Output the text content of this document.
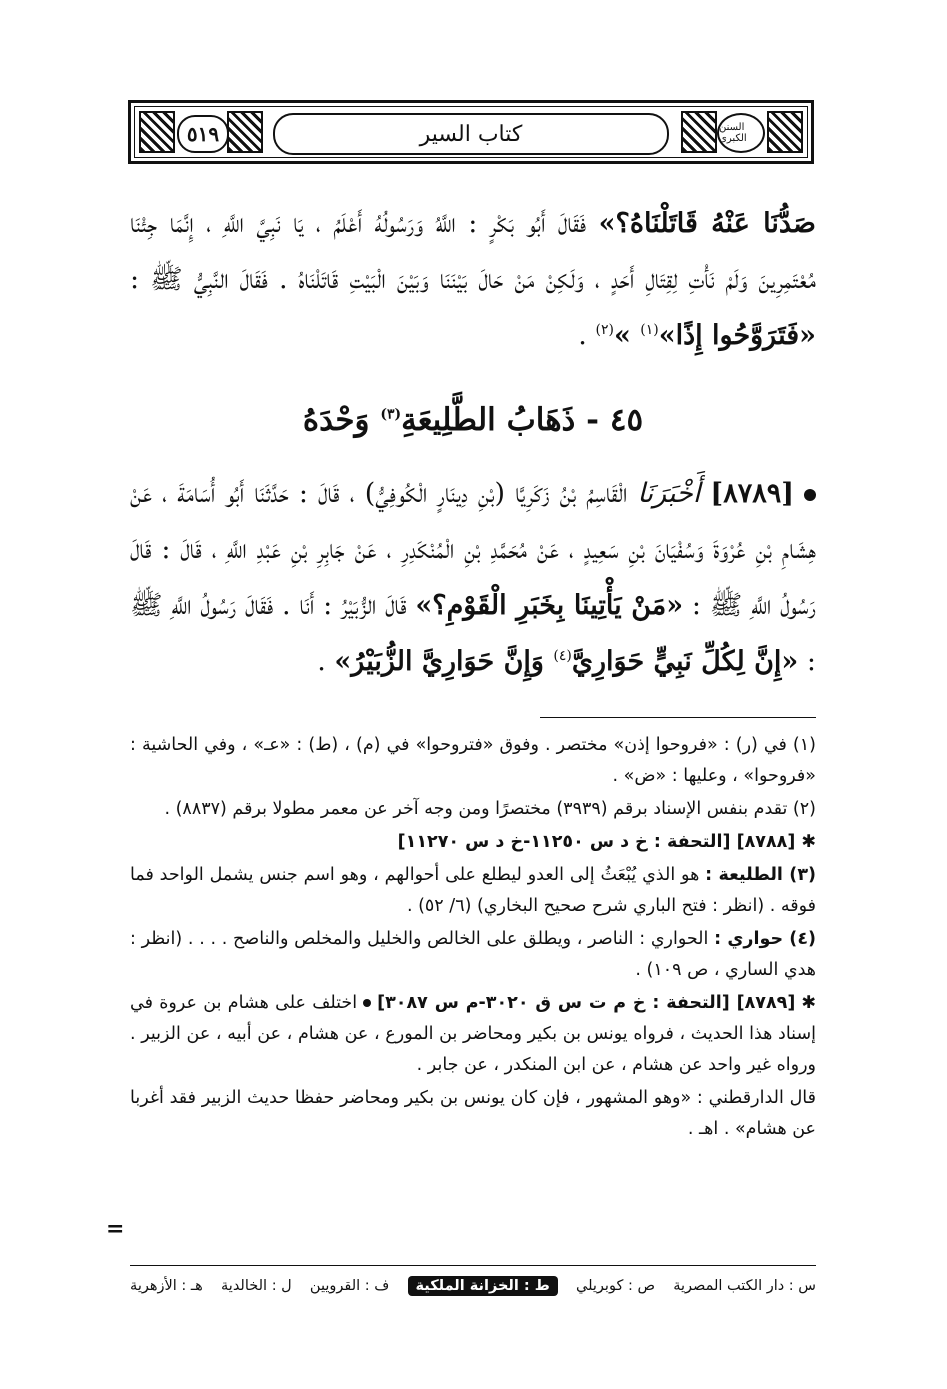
٥١٩	كتاب السير	السنن الكبرى

صَدُّنَا عَنْهُ قَاتَلْنَاهُ؟» فَقَالَ أَبُو بَكْرٍ : اللَّهُ وَرَسُولُهُ أَعْلَمُ ، يَا نَبِيَّ اللَّهِ ، إِنَّمَا جِئْنَا مُعْتَمِرِينَ وَلَمْ نَأْتِ لِقِتَالِ أَحَدٍ ، وَلَكِنْ مَنْ حَالَ بَيْنَنَا وَبَيْنَ الْبَيْتِ قَاتَلْنَاهُ . فَقَالَ النَّبِيُّ ﷺ : «فَتَرَوَّحُوا إِذًا»$^{(١)}$ »$^{(٢)}$ .

٤٥ - ذَهَابُ الطَّلِيعَةِ$^{(٣)}$ وَحْدَهُ

[٨٧٨٩] أَخْبَرَنَا الْقَاسِمُ بْنُ زَكَرِيَّا (بْنِ دِينَارٍ الْكُوفِيُّ) ، قَالَ : حَدَّثَنَا أَبُو أُسَامَةَ ، عَنْ هِشَامِ بْنِ عُرْوَةَ وَسُفْيَانَ بْنِ سَعِيدٍ ، عَنْ مُحَمَّدِ بْنِ الْمُنْكَدِرِ ، عَنْ جَابِرِ بْنِ عَبْدِ اللَّهِ ، قَالَ : قَالَ رَسُولُ اللَّهِ ﷺ : «مَنْ يَأْتِينَا بِخَبَرِ الْقَوْمِ؟» قَالَ الزُّبَيْرُ : أَنَا . فَقَالَ رَسُولُ اللَّهِ ﷺ : «إِنَّ لِكُلِّ نَبِيٍّ حَوَارِيَّ$^{(٤)}$ وَإِنَّ حَوَارِيَّ الزُّبَيْرُ» .

(١) في (ر) : «فروحوا إذن» مختصر . وفوق «فتروحوا» في (م) ، (ط) : «عـ» ، وفي الحاشية : «فروحوا» ، وعليها : «ض» .

(٢) تقدم بنفس الإسناد برقم (٣٩٣٩) مختصرًا ومن وجه آخر عن معمر مطولا برقم (٨٨٣٧) .

✱[٨٧٨٨] [التحفة : خ د س ١١٢٥٠-خ د س ١١٢٧٠]

(٣) الطليعة : هو الذي يُبْعَثُ إلى العدو ليطلع على أحوالهم ، وهو اسم جنس يشمل الواحد فما فوقه . (انظر : فتح الباري شرح صحيح البخاري) (٦/ ٥٢) .

(٤) حواري : الحواري : الناصر ، ويطلق على الخالص والخليل والمخلص والناصح . . . . (انظر : هدي الساري ، ص ١٠٩) .

✱[٨٧٨٩] [التحفة : خ م ت س ق ٣٠٢٠-م س ٣٠٨٧]اختلف على هشام بن عروة في إسناد هذا الحديث ، فرواه يونس بن بكير ومحاضر بن المورع ، عن هشام ، عن أبيه ، عن الزبير . ورواه غير واحد عن هشام ، عن ابن المنكدر ، عن جابر .

قال الدارقطني : «وهو المشهور ، فإن كان يونس بن بكير ومحاضر حفظا حديث الزبير فقد أغربا عن هشام» . اهـ .

=
س : دار الكتب المصرية
ص : كوبريلي
ط : الخزانة الملكية
ف : القرويين
ل : الخالدية
هـ : الأزهرية
